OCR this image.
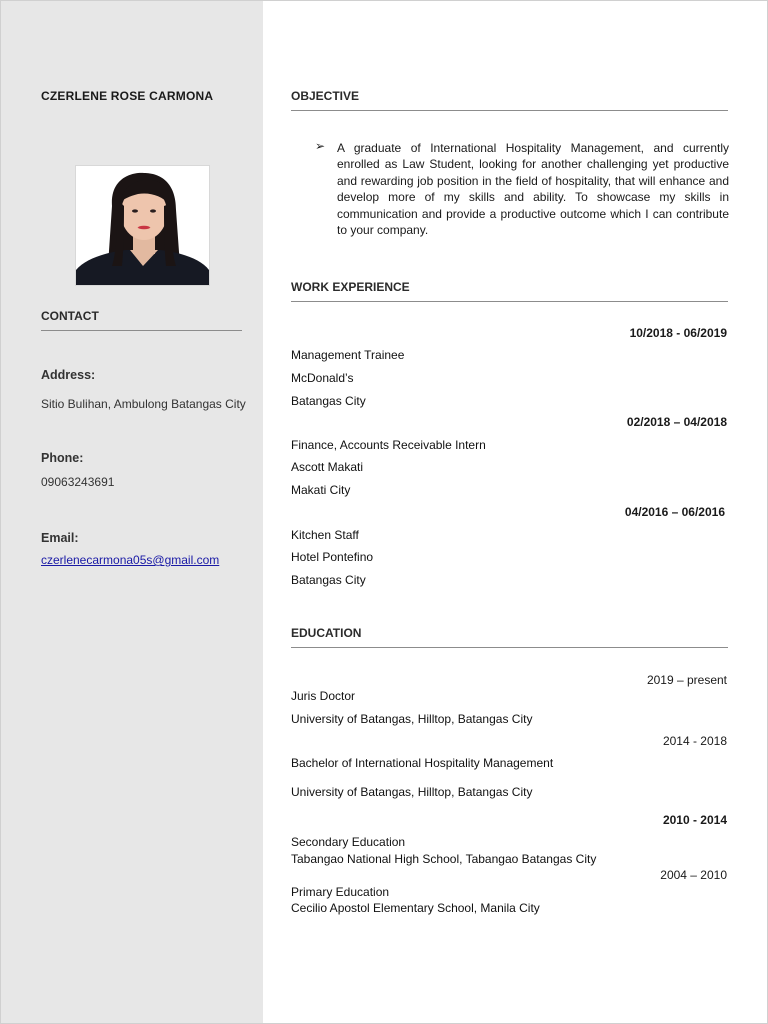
CZERLENE ROSE CARMONA
CONTACT
Address:
Sitio Bulihan, Ambulong Batangas City
Phone:
09063243691
Email:
czerlenecarmona05s@gmail.com
OBJECTIVE
➢ A graduate of International Hospitality Management, and currently enrolled as Law Student, looking for another challenging yet productive and rewarding job position in the field of hospitality, that will enhance and develop more of my skills and ability. To showcase my skills in communication and provide a productive outcome which I can contribute to your company.
WORK EXPERIENCE
10/2018 - 06/2019
Management Trainee
McDonald’s
Batangas City
02/2018 – 04/2018
Finance, Accounts Receivable Intern
Ascott Makati
Makati City
04/2016 – 06/2016
Kitchen Staff
Hotel Pontefino
Batangas City
EDUCATION
2019 – present
Juris Doctor
University of Batangas, Hilltop, Batangas City
2014 - 2018
Bachelor of International Hospitality Management
University of Batangas, Hilltop, Batangas City
2010 - 2014
Secondary Education
Tabangao National High School, Tabangao Batangas City
2004 – 2010
Primary Education
Cecilio Apostol Elementary School, Manila City
